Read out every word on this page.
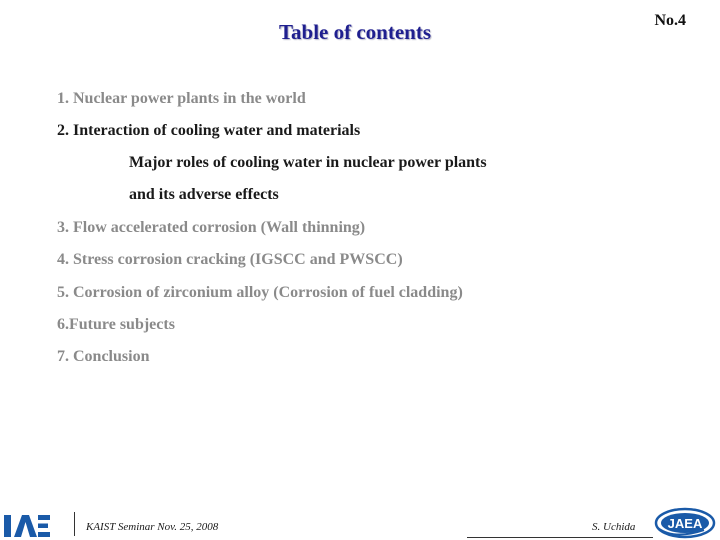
Table of contents	No.4
1. Nuclear power plants in the world
2. Interaction of cooling water and materials
Major roles of cooling water in nuclear power plants
and its adverse effects
3. Flow accelerated corrosion (Wall thinning)
4. Stress corrosion cracking (IGSCC and PWSCC)
5. Corrosion of zirconium alloy (Corrosion of fuel cladding)
6.Future subjects
7. Conclusion
KAIST Seminar Nov. 25, 2008	S. Uchida JAEA
